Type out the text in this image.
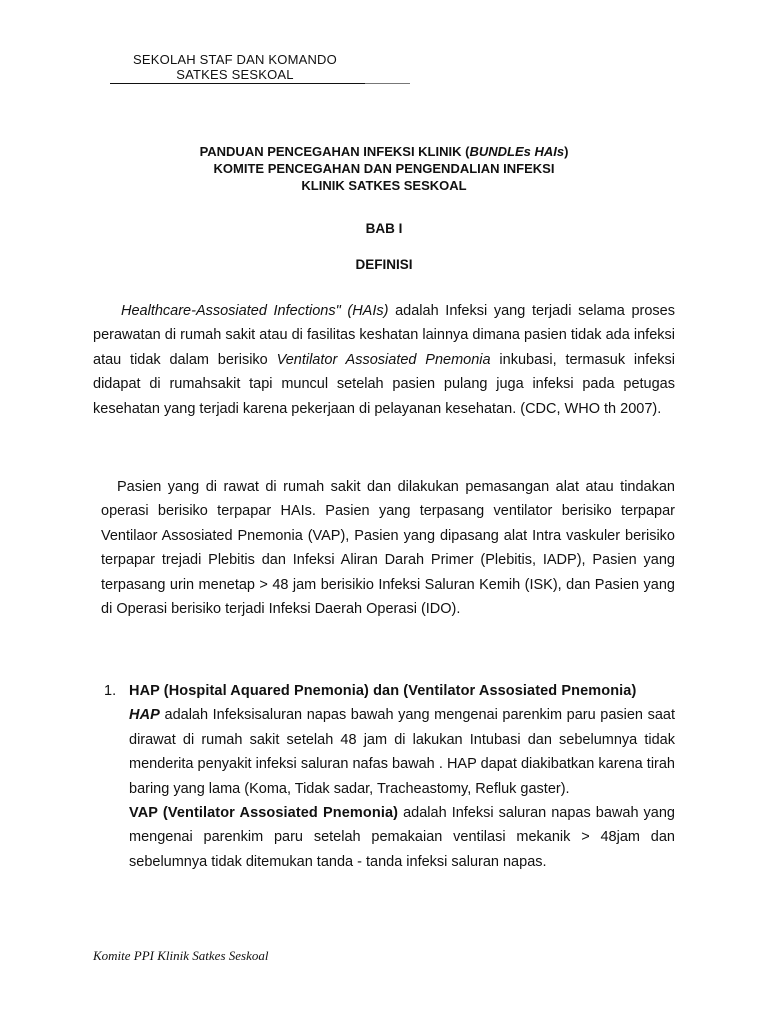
SEKOLAH STAF DAN KOMANDO
SATKES SESKOAL
PANDUAN PENCEGAHAN INFEKSI KLINIK (BUNDLEs HAIs)
KOMITE PENCEGAHAN DAN PENGENDALIAN INFEKSI
KLINIK SATKES SESKOAL
BAB I
DEFINISI
Healthcare-Assosiated Infections" (HAIs) adalah Infeksi yang terjadi selama proses perawatan di rumah sakit atau di fasilitas keshatan lainnya dimana pasien tidak ada infeksi atau tidak dalam berisiko Ventilator Assosiated Pnemonia inkubasi, termasuk infeksi didapat di rumahsakit tapi muncul setelah pasien pulang juga infeksi pada petugas kesehatan yang terjadi karena pekerjaan di pelayanan kesehatan. (CDC, WHO th 2007).
Pasien yang di rawat di rumah sakit dan dilakukan pemasangan alat atau tindakan operasi berisiko terpapar HAIs. Pasien yang terpasang ventilator berisiko terpapar Ventilaor Assosiated Pnemonia (VAP), Pasien yang dipasang alat Intra vaskuler berisiko terpapar trejadi Plebitis dan Infeksi Aliran Darah Primer (Plebitis, IADP), Pasien yang terpasang urin menetap > 48 jam berisikio Infeksi Saluran Kemih (ISK), dan Pasien yang di Operasi berisiko terjadi Infeksi Daerah Operasi (IDO).
1. HAP (Hospital Aquared Pnemonia) dan (Ventilator Assosiated Pnemonia)
HAP adalah Infeksisaluran napas bawah yang mengenai parenkim paru pasien saat dirawat di rumah sakit setelah 48 jam di lakukan Intubasi dan sebelumnya tidak menderita penyakit infeksi saluran nafas bawah . HAP dapat diakibatkan karena tirah baring yang lama (Koma, Tidak sadar, Tracheastomy, Refluk gaster).
VAP (Ventilator Assosiated Pnemonia) adalah Infeksi saluran napas bawah yang mengenai parenkim paru setelah pemakaian ventilasi mekanik > 48jam dan sebelumnya tidak ditemukan tanda - tanda infeksi saluran napas.
Komite PPI Klinik Satkes Seskoal
